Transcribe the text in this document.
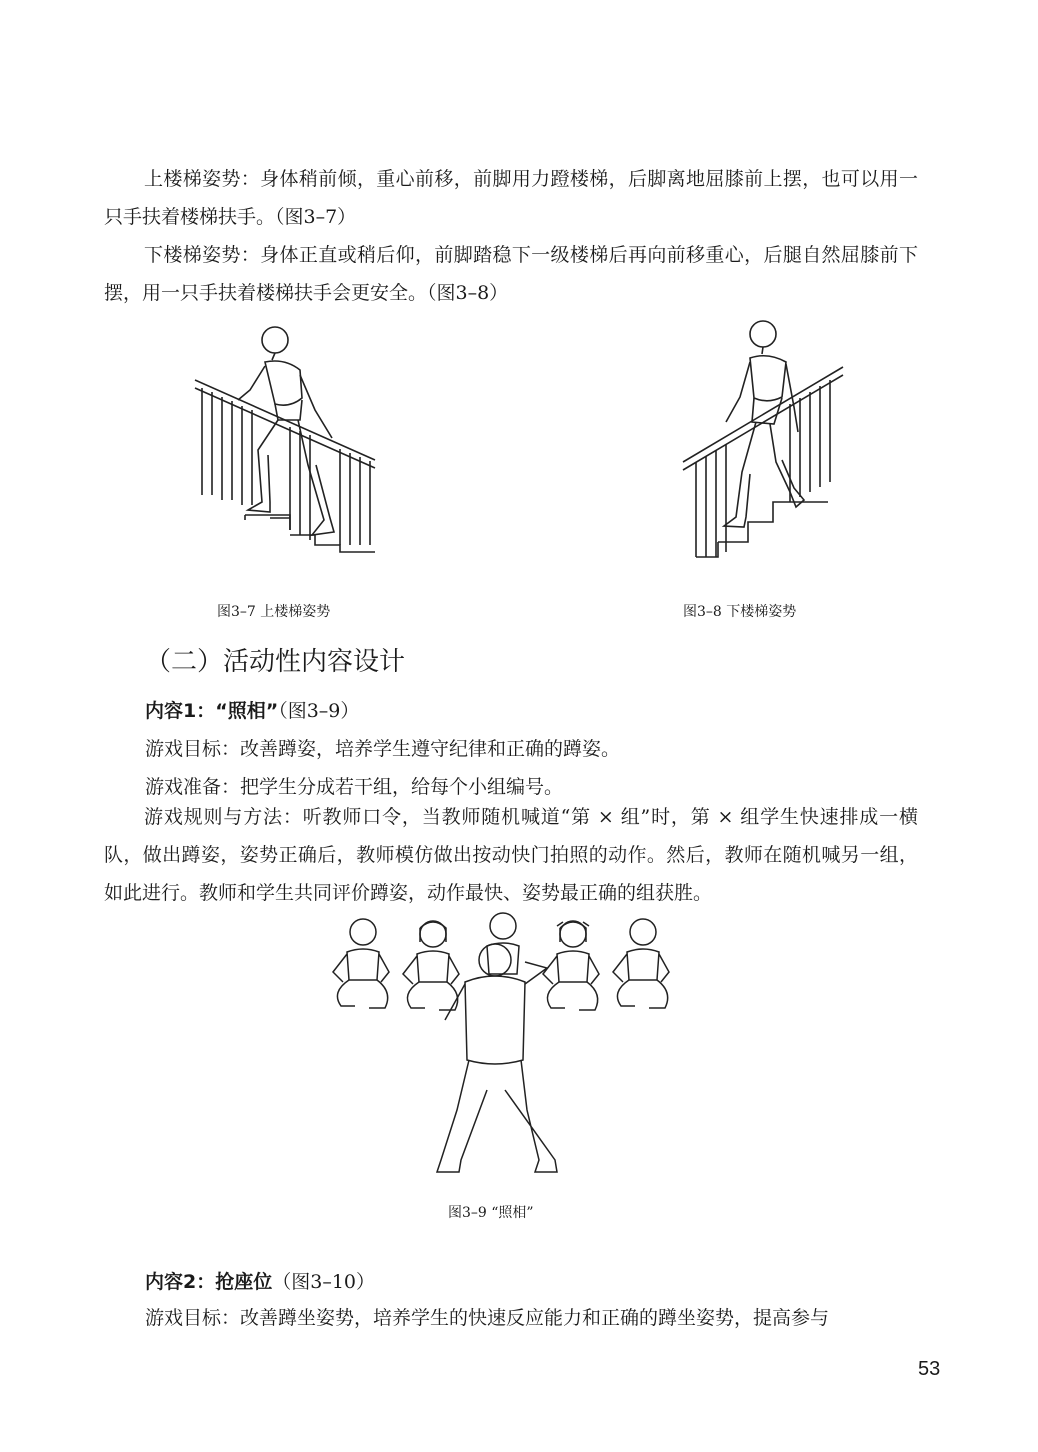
上楼梯姿势：身体稍前倾，重心前移，前脚用力蹬楼梯，后脚离地屈膝前上摆，也可以用一只手扶着楼梯扶手。（图3–7）

下楼梯姿势：身体正直或稍后仰，前脚踏稳下一级楼梯后再向前移重心，后腿自然屈膝前下摆，用一只手扶着楼梯扶手会更安全。（图3–8）

图3–7 上楼梯姿势	图3–8 下楼梯姿势
（二）活动性内容设计
内容1：“照相”（图3–9）
游戏目标：改善蹲姿，培养学生遵守纪律和正确的蹲姿。
游戏准备：把学生分成若干组，给每个小组编号。

游戏规则与方法：听教师口令，当教师随机喊道“第 × 组”时，第 × 组学生快速排成一横队，做出蹲姿，姿势正确后，教师模仿做出按动快门拍照的动作。然后，教师在随机喊另一组，如此进行。教师和学生共同评价蹲姿，动作最快、姿势最正确的组获胜。

图3–9 “照相”
内容2：抢座位（图3–10）
游戏目标：改善蹲坐姿势，培养学生的快速反应能力和正确的蹲坐姿势，提高参与
53
